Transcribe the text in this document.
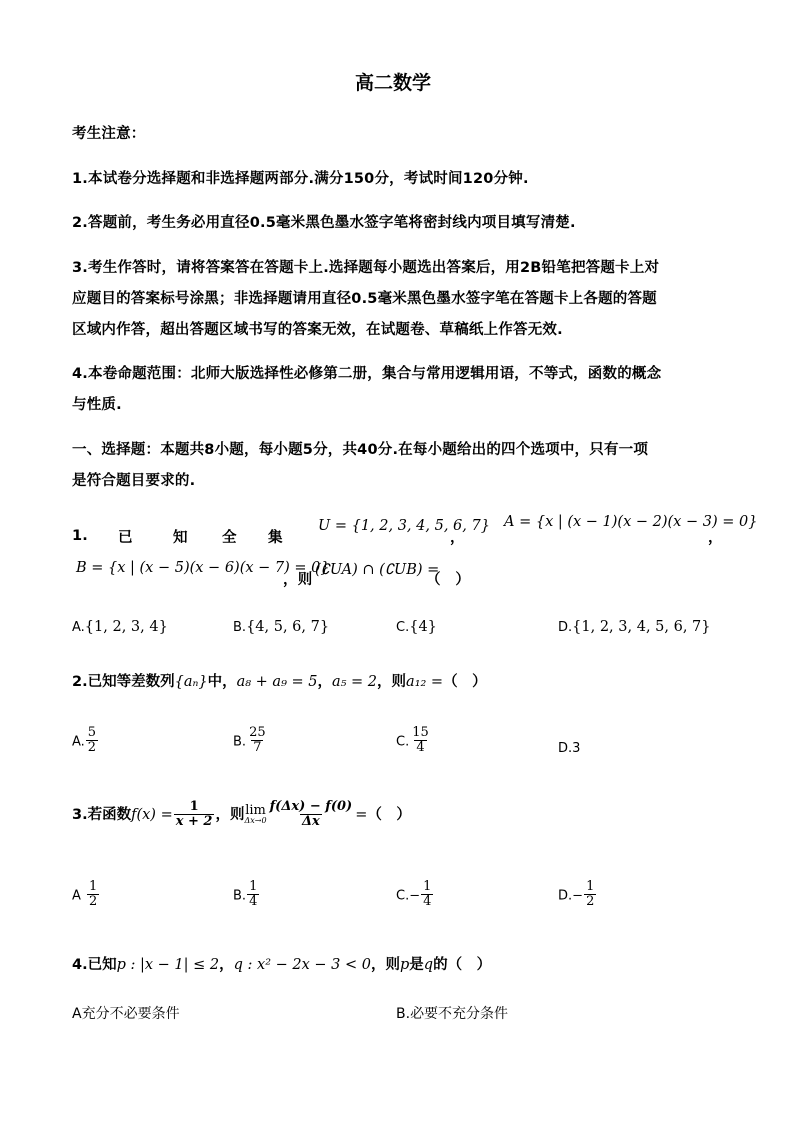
高二数学
考生注意：
1.本试卷分选择题和非选择题两部分.满分150分，考试时间120分钟.
2.答题前，考生务必用直径0.5毫米黑色墨水签字笔将密封线内项目填写清楚.
3.考生作答时，请将答案答在答题卡上.选择题每小题选出答案后，用2B铅笔把答题卡上对
应题目的答案标号涂黑；非选择题请用直径0.5毫米黑色墨水签字笔在答题卡上各题的答题
区域内作答，超出答题区域书写的答案无效，在试题卷、草稿纸上作答无效.
4.本卷命题范围：北师大版选择性必修第二册，集合与常用逻辑用语，不等式，函数的概念
与性质.
一、选择题：本题共8小题，每小题5分，共40分.在每小题给出的四个选项中，只有一项
是符合题目要求的.
1. 已	知 全 集
U = {1, 2, 3, 4, 5, 6, 7}
，
A = {x | (x − 1)(x − 2)(x − 3) = 0}
，
B = {x | (x − 5)(x − 6)(x − 7) = 0}
，则
(∁UA) ∩ (∁UB) =
（　）
A.{1, 2, 3, 4}	B.{4, 5, 6, 7}	C.{4}	D.{1, 2, 3, 4, 5, 6, 7}
2.已知等差数列{aₙ}中，a₈ + a₉ = 5，a₅ = 2，则a₁₂ =（　）
A. $\frac{5}{2}$	B. $\frac{25}{7}$	C. $\frac{15}{4}$	D.3
3.若函数$f(x) = \frac{1}{x + 2}$ ，则 lim
$\Delta x\to 0 \frac{f(\Delta x) - f(0)}{\Delta x}$ =（　）
A $\frac{1}{2}$	B. $\frac{1}{4}$	$C.- \frac{1}{4}$	$D.- \frac{1}{2}$
4.已知p : |x − 1| ≤ 2，q : x² − 2x − 3 < 0，则p是q的（　）
A充分不必要条件	B.必要不充分条件
